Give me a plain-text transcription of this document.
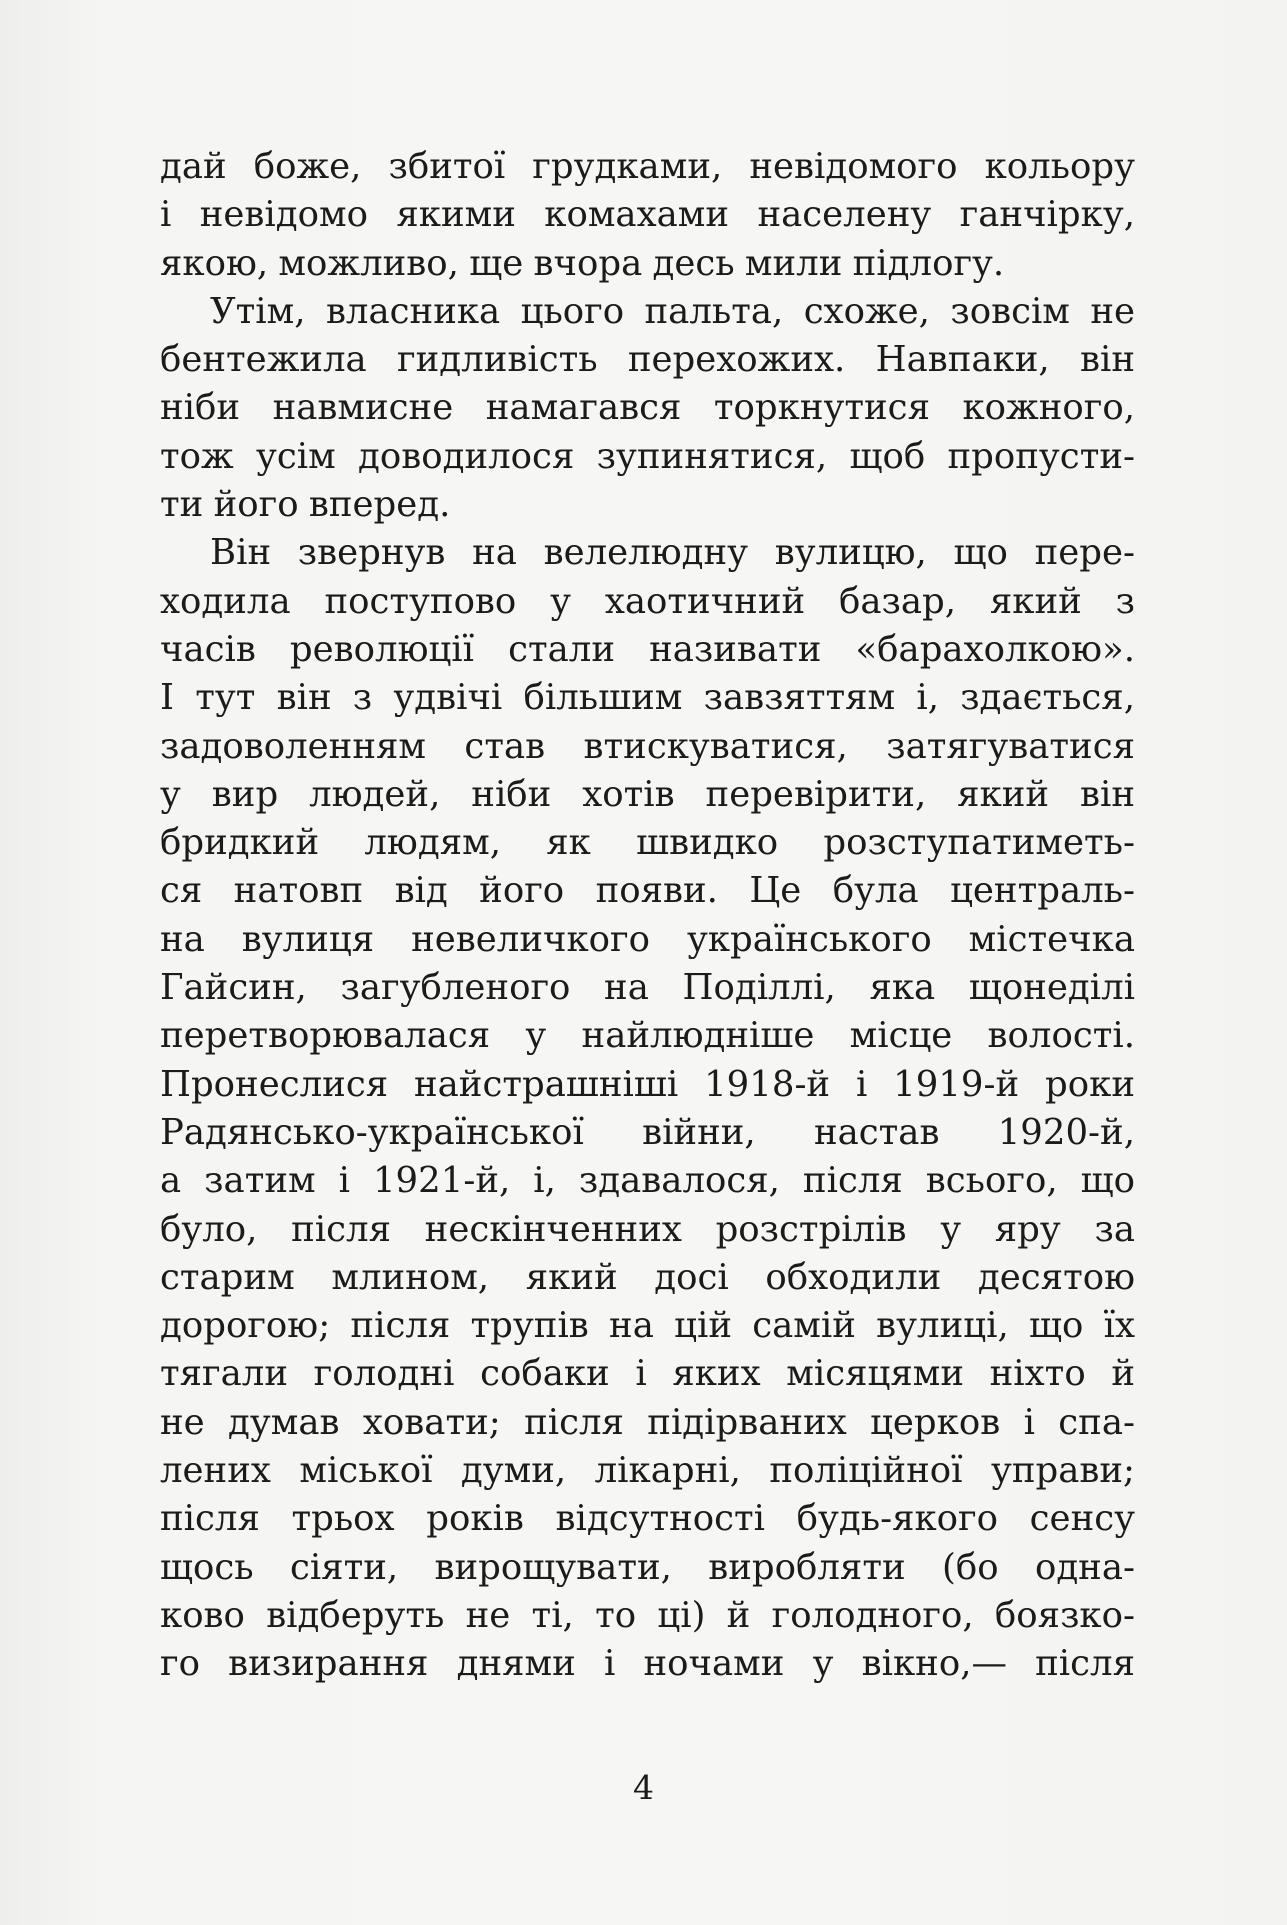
дай боже, збитої грудками, невідомого кольору
і невідомо якими комахами населену ганчірку,
якою, можливо, ще вчора десь мили підлогу.
Утім, власника цього пальта, схоже, зовсім не
бентежила гидливість перехожих. Навпаки, він
ніби навмисне намагався торкнутися кожного,
тож усім доводилося зупинятися, щоб пропусти-
ти його вперед.
Він звернув на велелюдну вулицю, що пере-
ходила поступово у хаотичний базар, який з
часів революції стали називати «барахолкою».
І тут він з удвічі більшим завзяттям і, здається,
задоволенням став втискуватися, затягуватися
у вир людей, ніби хотів перевірити, який він
бридкий людям, як швидко розступатиметь-
ся натовп від його появи. Це була централь-
на вулиця невеличкого українського містечка
Гайсин, загубленого на Поділлі, яка щонеділі
перетворювалася у найлюдніше місце волості.
Пронеслися найстрашніші 1918-й і 1919-й роки
Радянсько-української війни, настав 1920-й,
а затим і 1921-й, і, здавалося, після всього, що
було, після нескінченних розстрілів у яру за
старим млином, який досі обходили десятою
дорогою; після трупів на цій самій вулиці, що їх
тягали голодні собаки і яких місяцями ніхто й
не думав ховати; після підірваних церков і спа-
лених міської думи, лікарні, поліційної управи;
після трьох років відсутності будь-якого сенсу
щось сіяти, вирощувати, виробляти (бо однa-
ково відберуть не ті, то ці) й голодного, боязко-
го визирання днями і ночами у вікно,— після
4
